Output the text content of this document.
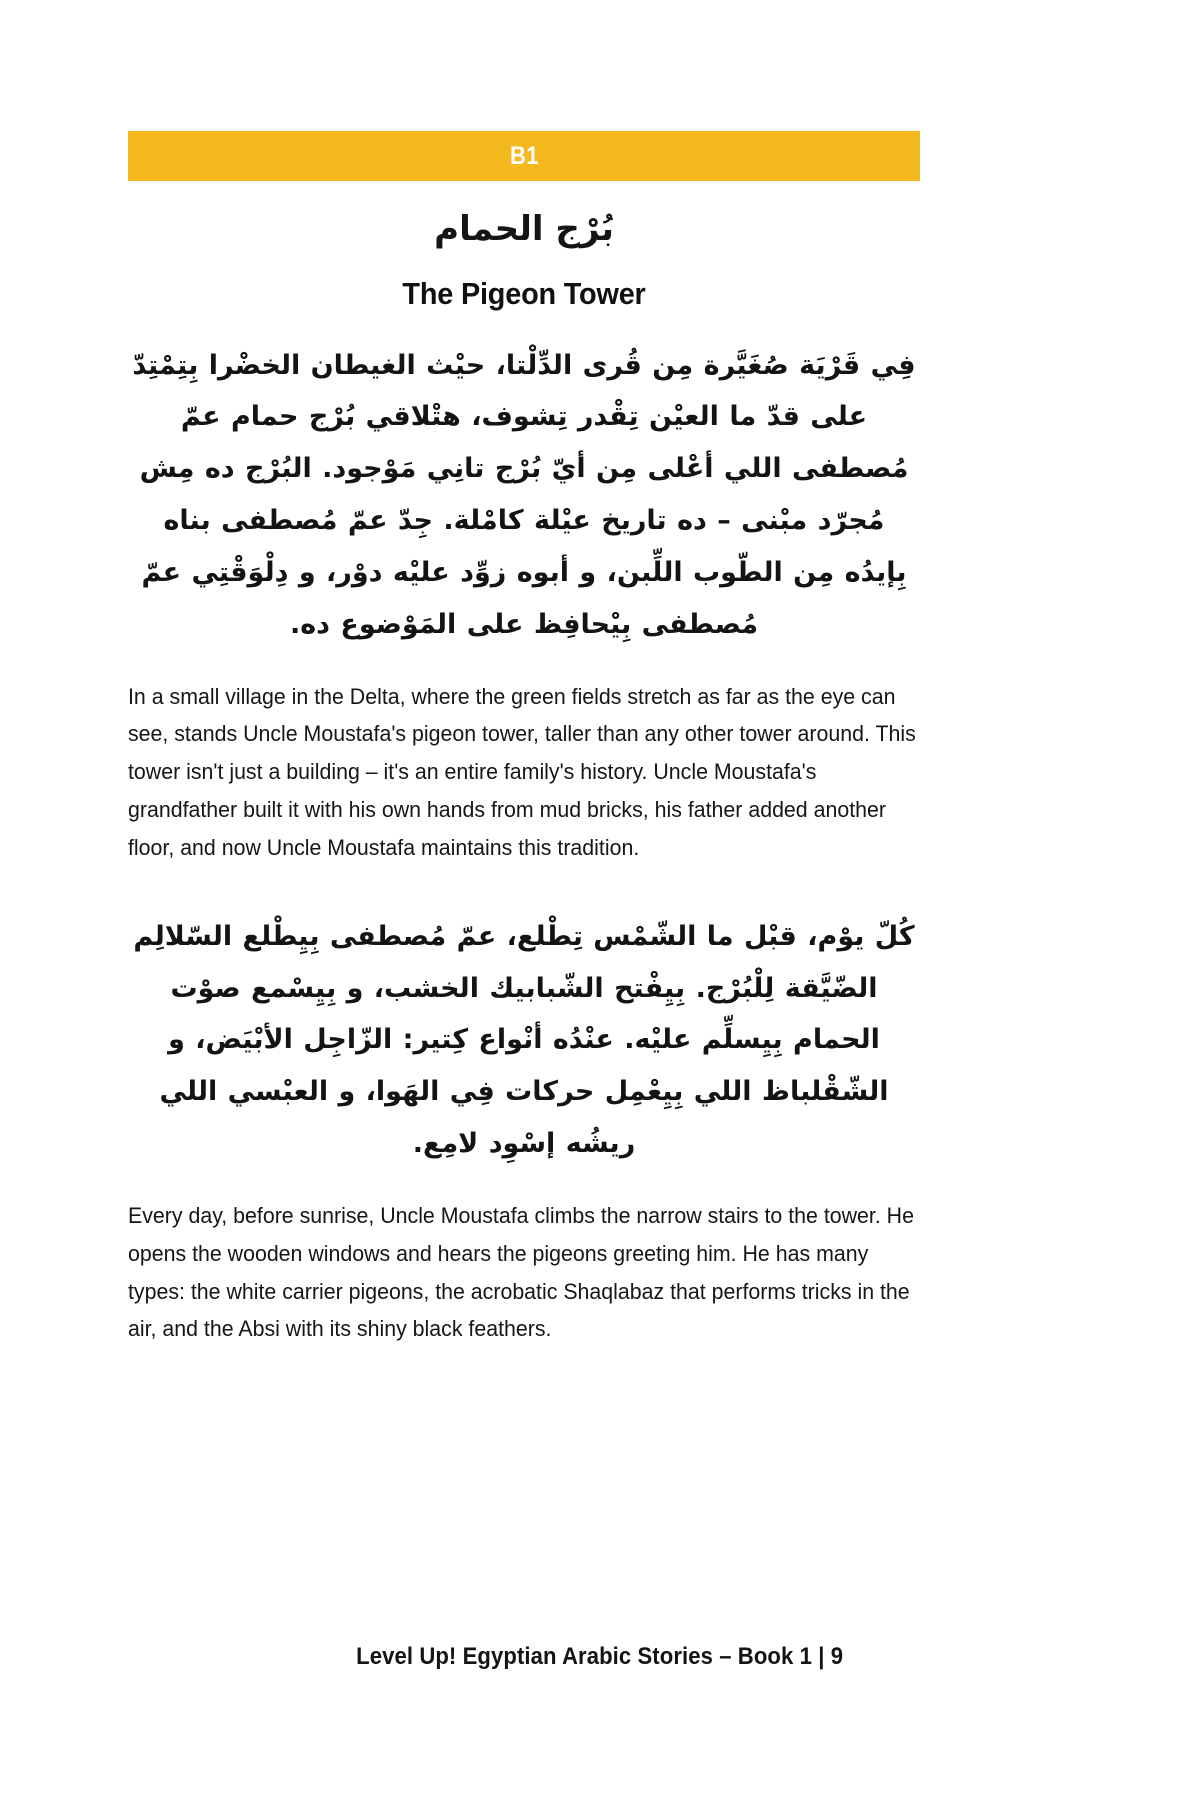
B1
برج الحمام
The Pigeon Tower

في قرية صغيرة من قرى الدلتا، حيث الغيطان الخضرا بتمتد على قد ما العين تقدر تشوف، هتلاقي برج حمام عم مصطفى اللي أعلى من أي برج تاني موجود. البرج ده مش مجرد مبنى – ده تاريخ عيلة كاملة. جد عم مصطفى بناه بإيده من الطوب اللبن، و أبوه زود عليه دور، و دلوقتي عم مصطفى بيحافظ على الموضوع ده.

In a small village in the Delta, where the green fields stretch as far as the eye can see, stands Uncle Moustafa's pigeon tower, taller than any other tower around. This tower isn't just a building – it's an entire family's history. Uncle Moustafa's grandfather built it with his own hands from mud bricks, his father added another floor, and now Uncle Moustafa maintains this tradition.

كل يوم، قبل ما الشمس تطلع، عم مصطفى بيطلع السلالم الضيقة للبرج. بيفتح الشبابيك الخشب، و بيسمع صوت الحمام بيسلم عليه. عنده أنواع كتير: الزاجل الأبيض، و الشقلباظ اللي بيعمل حركات في الهوا، و العبسي اللي ريشه إسود لامع.

Every day, before sunrise, Uncle Moustafa climbs the narrow stairs to the tower. He opens the wooden windows and hears the pigeons greeting him. He has many types: the white carrier pigeons, the acrobatic Shaqlabaz that performs tricks in the air, and the Absi with its shiny black feathers.

Level Up! Egyptian Arabic Stories – Book 1 | 9
